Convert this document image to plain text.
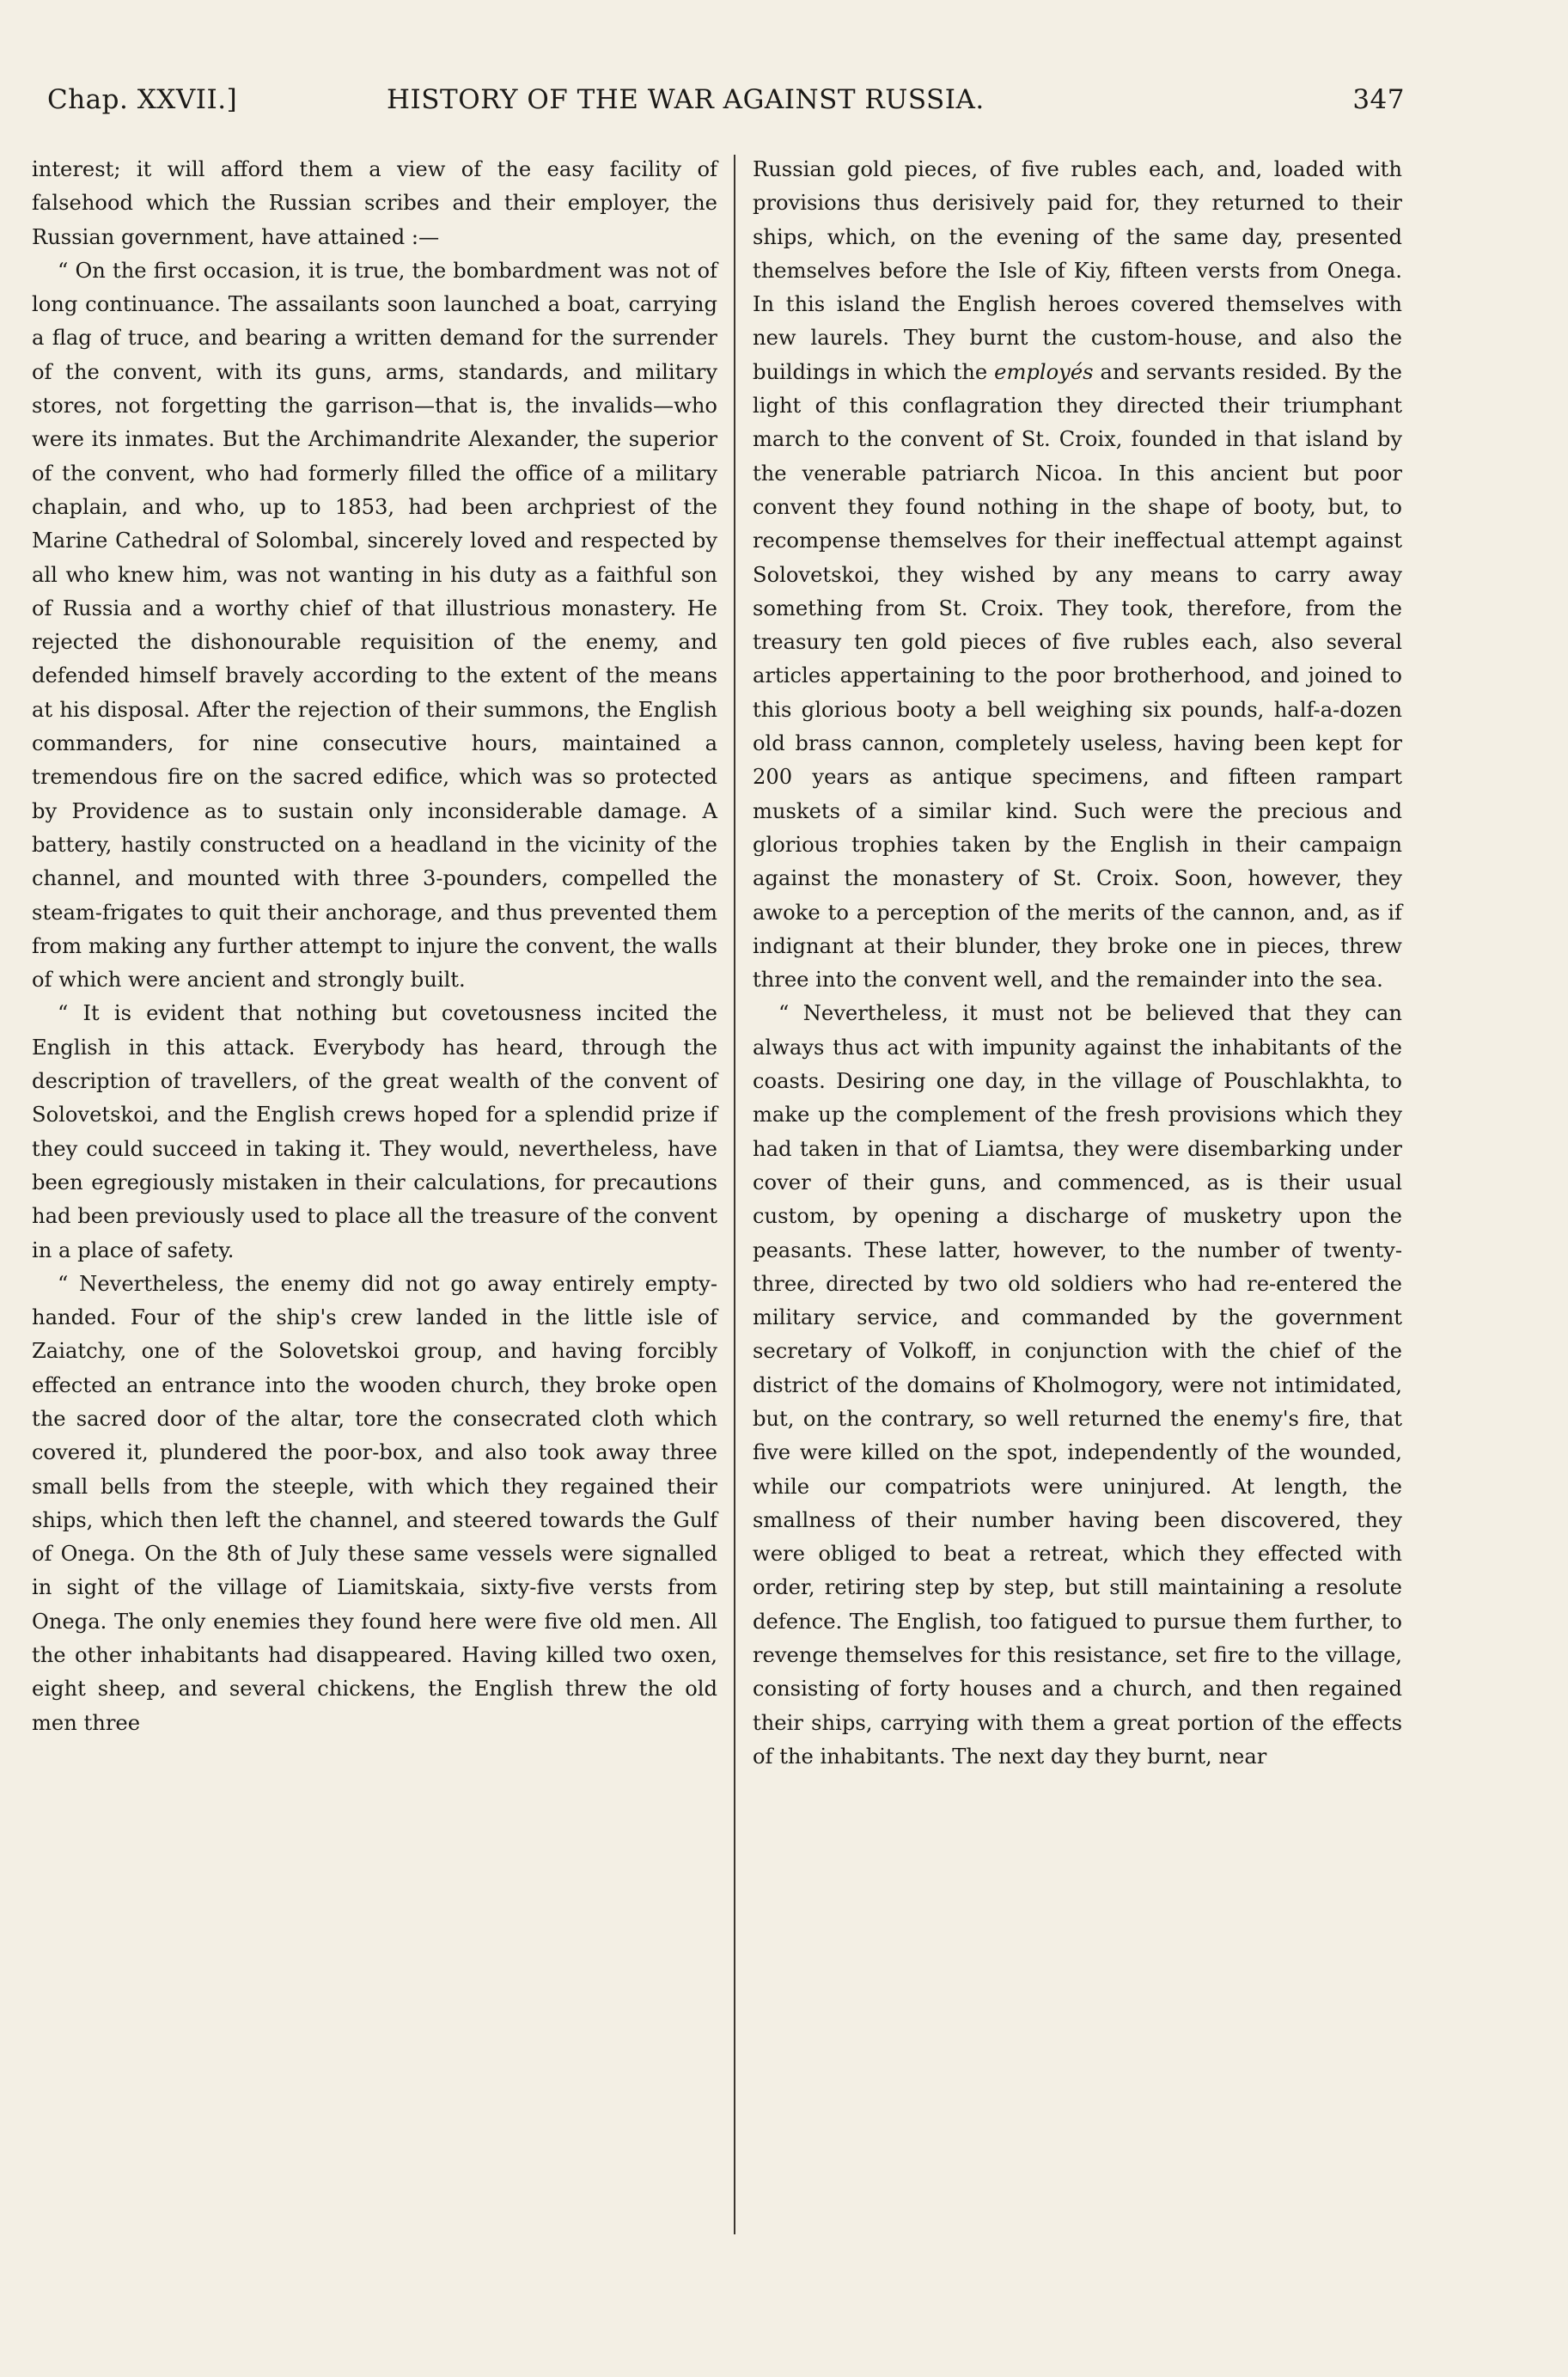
Chap. XXVII.]	HISTORY OF THE WAR AGAINST RUSSIA.	347

interest; it will afford them a view of the easy facility of falsehood which the Russian scribes and their employer, the Russian government, have attained :—

“ On the first occasion, it is true, the bombardment was not of long continuance. The assailants soon launched a boat, carrying a flag of truce, and bearing a written demand for the surrender of the convent, with its guns, arms, standards, and military stores, not forgetting the garrison—that is, the invalids—who were its inmates. But the Archimandrite Alexander, the superior of the convent, who had formerly filled the office of a military chaplain, and who, up to 1853, had been archpriest of the Marine Cathedral of Solombal, sincerely loved and respected by all who knew him, was not wanting in his duty as a faithful son of Russia and a worthy chief of that illustrious monastery. He rejected the dishonourable requisition of the enemy, and defended himself bravely according to the extent of the means at his disposal. After the rejection of their summons, the English commanders, for nine consecutive hours, maintained a tremendous fire on the sacred edifice, which was so protected by Providence as to sustain only inconsiderable damage. A battery, hastily constructed on a headland in the vicinity of the channel, and mounted with three 3-pounders, compelled the steam-frigates to quit their anchorage, and thus prevented them from making any further attempt to injure the convent, the walls of which were ancient and strongly built.

“ It is evident that nothing but covetousness incited the English in this attack. Everybody has heard, through the description of travellers, of the great wealth of the convent of Solovetskoi, and the English crews hoped for a splendid prize if they could succeed in taking it. They would, nevertheless, have been egregiously mistaken in their calculations, for precautions had been previously used to place all the treasure of the convent in a place of safety.

“ Nevertheless, the enemy did not go away entirely empty-handed. Four of the ship's crew landed in the little isle of Zaiatchy, one of the Solovetskoi group, and having forcibly effected an entrance into the wooden church, they broke open the sacred door of the altar, tore the consecrated cloth which covered it, plundered the poor-box, and also took away three small bells from the steeple, with which they regained their ships, which then left the channel, and steered towards the Gulf of Onega. On the 8th of July these same vessels were signalled in sight of the village of Liamitskaia, sixty-five versts from Onega. The only enemies they found here were five old men. All the other inhabitants had disappeared. Having killed two oxen, eight sheep, and several chickens, the English threw the old men three

Russian gold pieces, of five rubles each, and, loaded with provisions thus derisively paid for, they returned to their ships, which, on the evening of the same day, presented themselves before the Isle of Kiy, fifteen versts from Onega. In this island the English heroes covered themselves with new laurels. They burnt the custom-house, and also the buildings in which the employés and servants resided. By the light of this conflagration they directed their triumphant march to the convent of St. Croix, founded in that island by the venerable patriarch Nicoa. In this ancient but poor convent they found nothing in the shape of booty, but, to recompense themselves for their ineffectual attempt against Solovetskoi, they wished by any means to carry away something from St. Croix. They took, therefore, from the treasury ten gold pieces of five rubles each, also several articles appertaining to the poor brotherhood, and joined to this glorious booty a bell weighing six pounds, half-a-dozen old brass cannon, completely useless, having been kept for 200 years as antique specimens, and fifteen rampart muskets of a similar kind. Such were the precious and glorious trophies taken by the English in their campaign against the monastery of St. Croix. Soon, however, they awoke to a perception of the merits of the cannon, and, as if indignant at their blunder, they broke one in pieces, threw three into the convent well, and the remainder into the sea.

“ Nevertheless, it must not be believed that they can always thus act with impunity against the inhabitants of the coasts. Desiring one day, in the village of Pouschlakhta, to make up the complement of the fresh provisions which they had taken in that of Liamtsa, they were disembarking under cover of their guns, and commenced, as is their usual custom, by opening a discharge of musketry upon the peasants. These latter, however, to the number of twenty-three, directed by two old soldiers who had re-entered the military service, and commanded by the government secretary of Volkoff, in conjunction with the chief of the district of the domains of Kholmogory, were not intimidated, but, on the contrary, so well returned the enemy's fire, that five were killed on the spot, independently of the wounded, while our compatriots were uninjured. At length, the smallness of their number having been discovered, they were obliged to beat a retreat, which they effected with order, retiring step by step, but still maintaining a resolute defence. The English, too fatigued to pursue them further, to revenge themselves for this resistance, set fire to the village, consisting of forty houses and a church, and then regained their ships, carrying with them a great portion of the effects of the inhabitants. The next day they burnt, near
